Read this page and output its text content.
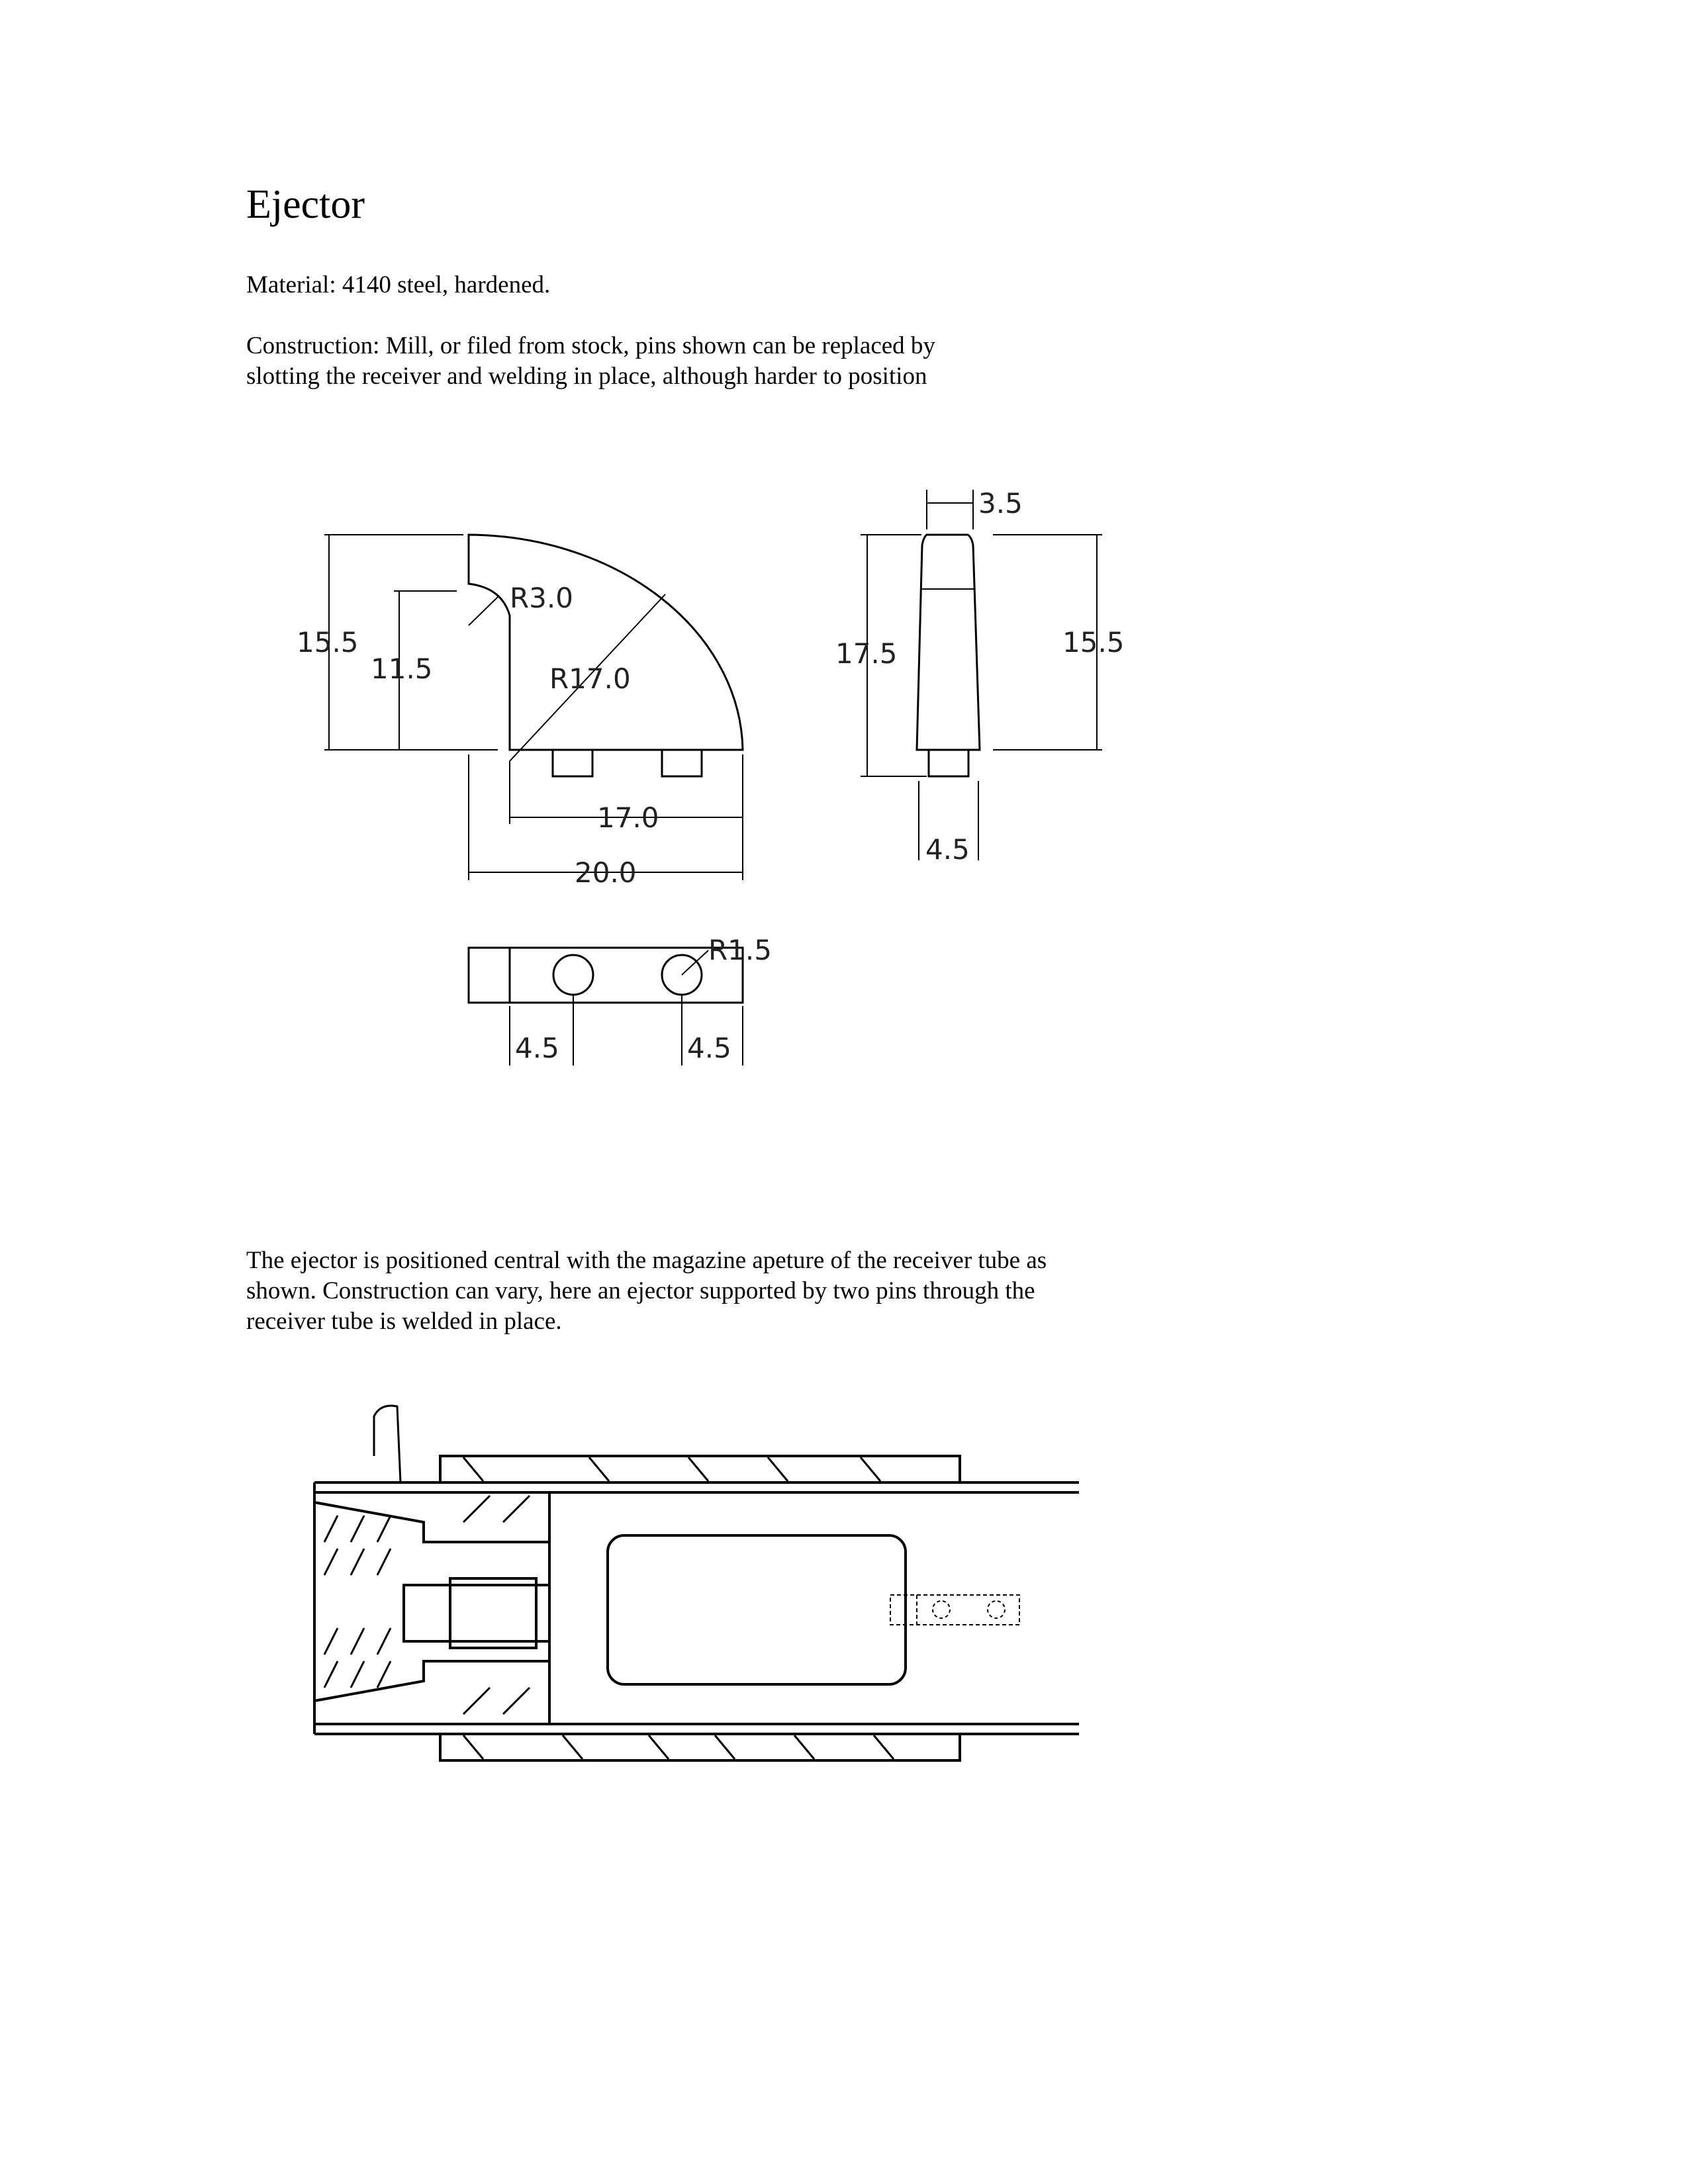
Ejector

Material: 4140 steel, hardened.

Construction: Mill, or filed from stock, pins shown can be replaced by slotting the receiver and welding in place, although harder to position

The ejector is positioned central with the magazine apeture of the receiver tube as shown. Construction can vary, here an ejector supported by two pins through the receiver tube is welded in place.

15.5
11.5
R3.0
R17.0
17.0
20.0
3.5
17.5	15.5
4.5
R1.5
4.5	4.5
